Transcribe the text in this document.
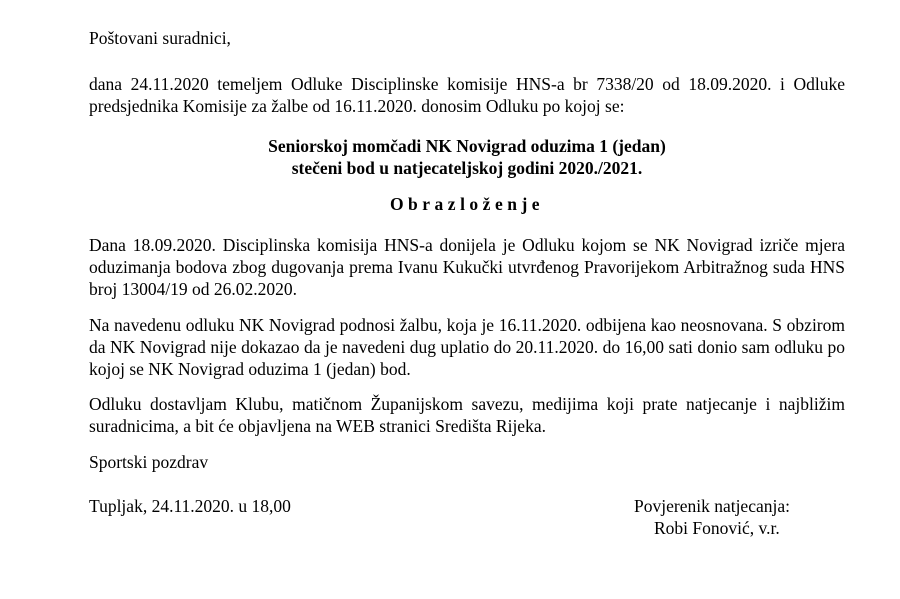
Poštovani suradnici,
dana 24.11.2020 temeljem Odluke Disciplinske komisije HNS-a br 7338/20 od 18.09.2020. i Odluke predsjednika Komisije za žalbe od 16.11.2020. donosim Odluku po kojoj se:
Seniorskoj momčadi NK Novigrad oduzima 1 (jedan)
stečeni bod u natjecateljskoj godini 2020./2021.
Obrazloženje
Dana 18.09.2020. Disciplinska komisija HNS-a donijela je Odluku kojom se NK Novigrad izriče mjera oduzimanja bodova zbog dugovanja prema Ivanu Kukučki utvrđenog Pravorijekom Arbitražnog suda HNS broj 13004/19 od 26.02.2020.
Na navedenu odluku NK Novigrad podnosi žalbu, koja je 16.11.2020. odbijena kao neosnovana. S obzirom da NK Novigrad nije dokazao da je navedeni dug uplatio do 20.11.2020. do 16,00 sati donio sam odluku po kojoj se NK Novigrad oduzima 1 (jedan) bod.
Odluku dostavljam Klubu, matičnom Županijskom savezu, medijima koji prate natjecanje i najbližim suradnicima, a bit će objavljena na WEB stranici Središta Rijeka.
Sportski pozdrav
Tupljak, 24.11.2020. u 18,00	Povjerenik natjecanja:
Robi Fonović, v.r.
